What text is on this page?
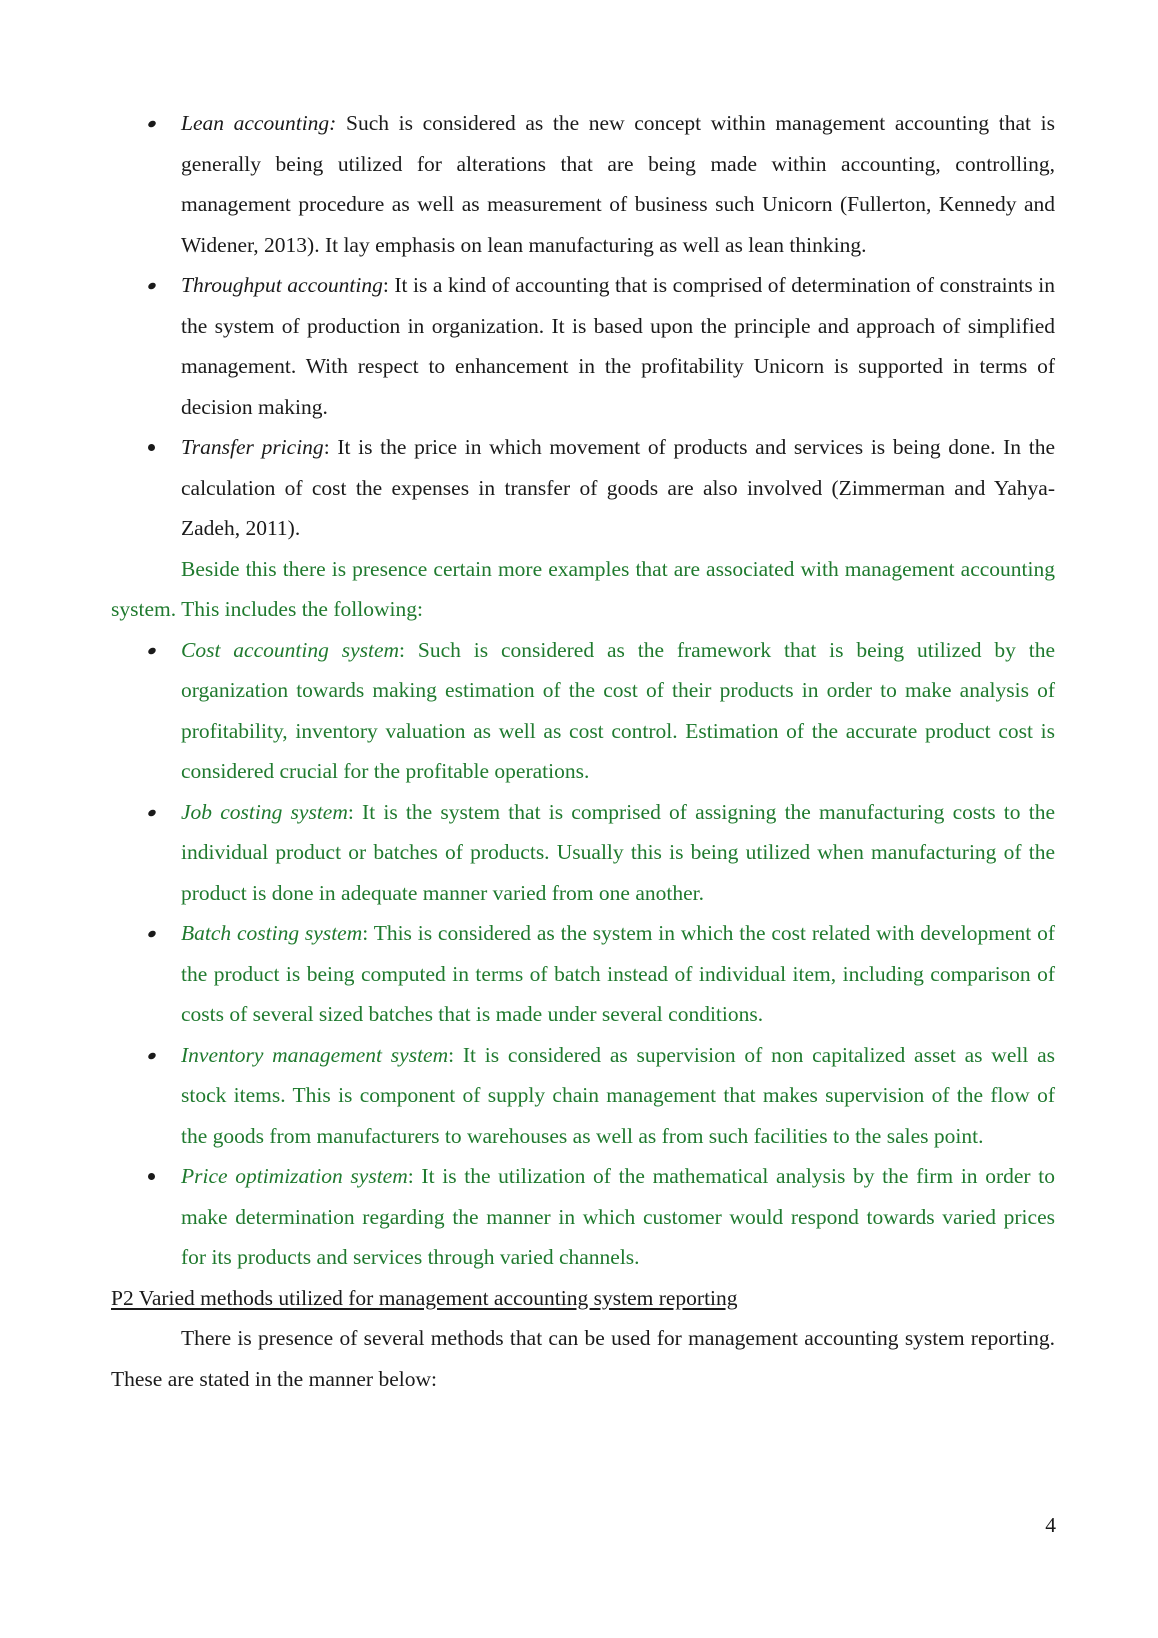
Lean accounting: Such is considered as the new concept within management accounting that is generally being utilized for alterations that are being made within accounting, controlling, management procedure as well as measurement of business such Unicorn (Fullerton, Kennedy and Widener, 2013). It lay emphasis on lean manufacturing as well as lean thinking.
Throughput accounting: It is a kind of accounting that is comprised of determination of constraints in the system of production in organization. It is based upon the principle and approach of simplified management. With respect to enhancement in the profitability Unicorn is supported in terms of decision making.
Transfer pricing: It is the price in which movement of products and services is being done. In the calculation of cost the expenses in transfer of goods are also involved (Zimmerman and Yahya-Zadeh, 2011).

Beside this there is presence certain more examples that are associated with management accounting system. This includes the following:

Cost accounting system: Such is considered as the framework that is being utilized by the organization towards making estimation of the cost of their products in order to make analysis of profitability, inventory valuation as well as cost control. Estimation of the accurate product cost is considered crucial for the profitable operations.
Job costing system: It is the system that is comprised of assigning the manufacturing costs to the individual product or batches of products. Usually this is being utilized when manufacturing of the product is done in adequate manner varied from one another.
Batch costing system: This is considered as the system in which the cost related with development of the product is being computed in terms of batch instead of individual item, including comparison of costs of several sized batches that is made under several conditions.
Inventory management system: It is considered as supervision of non capitalized asset as well as stock items. This is component of supply chain management that makes supervision of the flow of the goods from manufacturers to warehouses as well as from such facilities to the sales point.
Price optimization system: It is the utilization of the mathematical analysis by the firm in order to make determination regarding the manner in which customer would respond towards varied prices for its products and services through varied channels.

P2 Varied methods utilized for management accounting system reporting

There is presence of several methods that can be used for management accounting system reporting. These are stated in the manner below:

4
